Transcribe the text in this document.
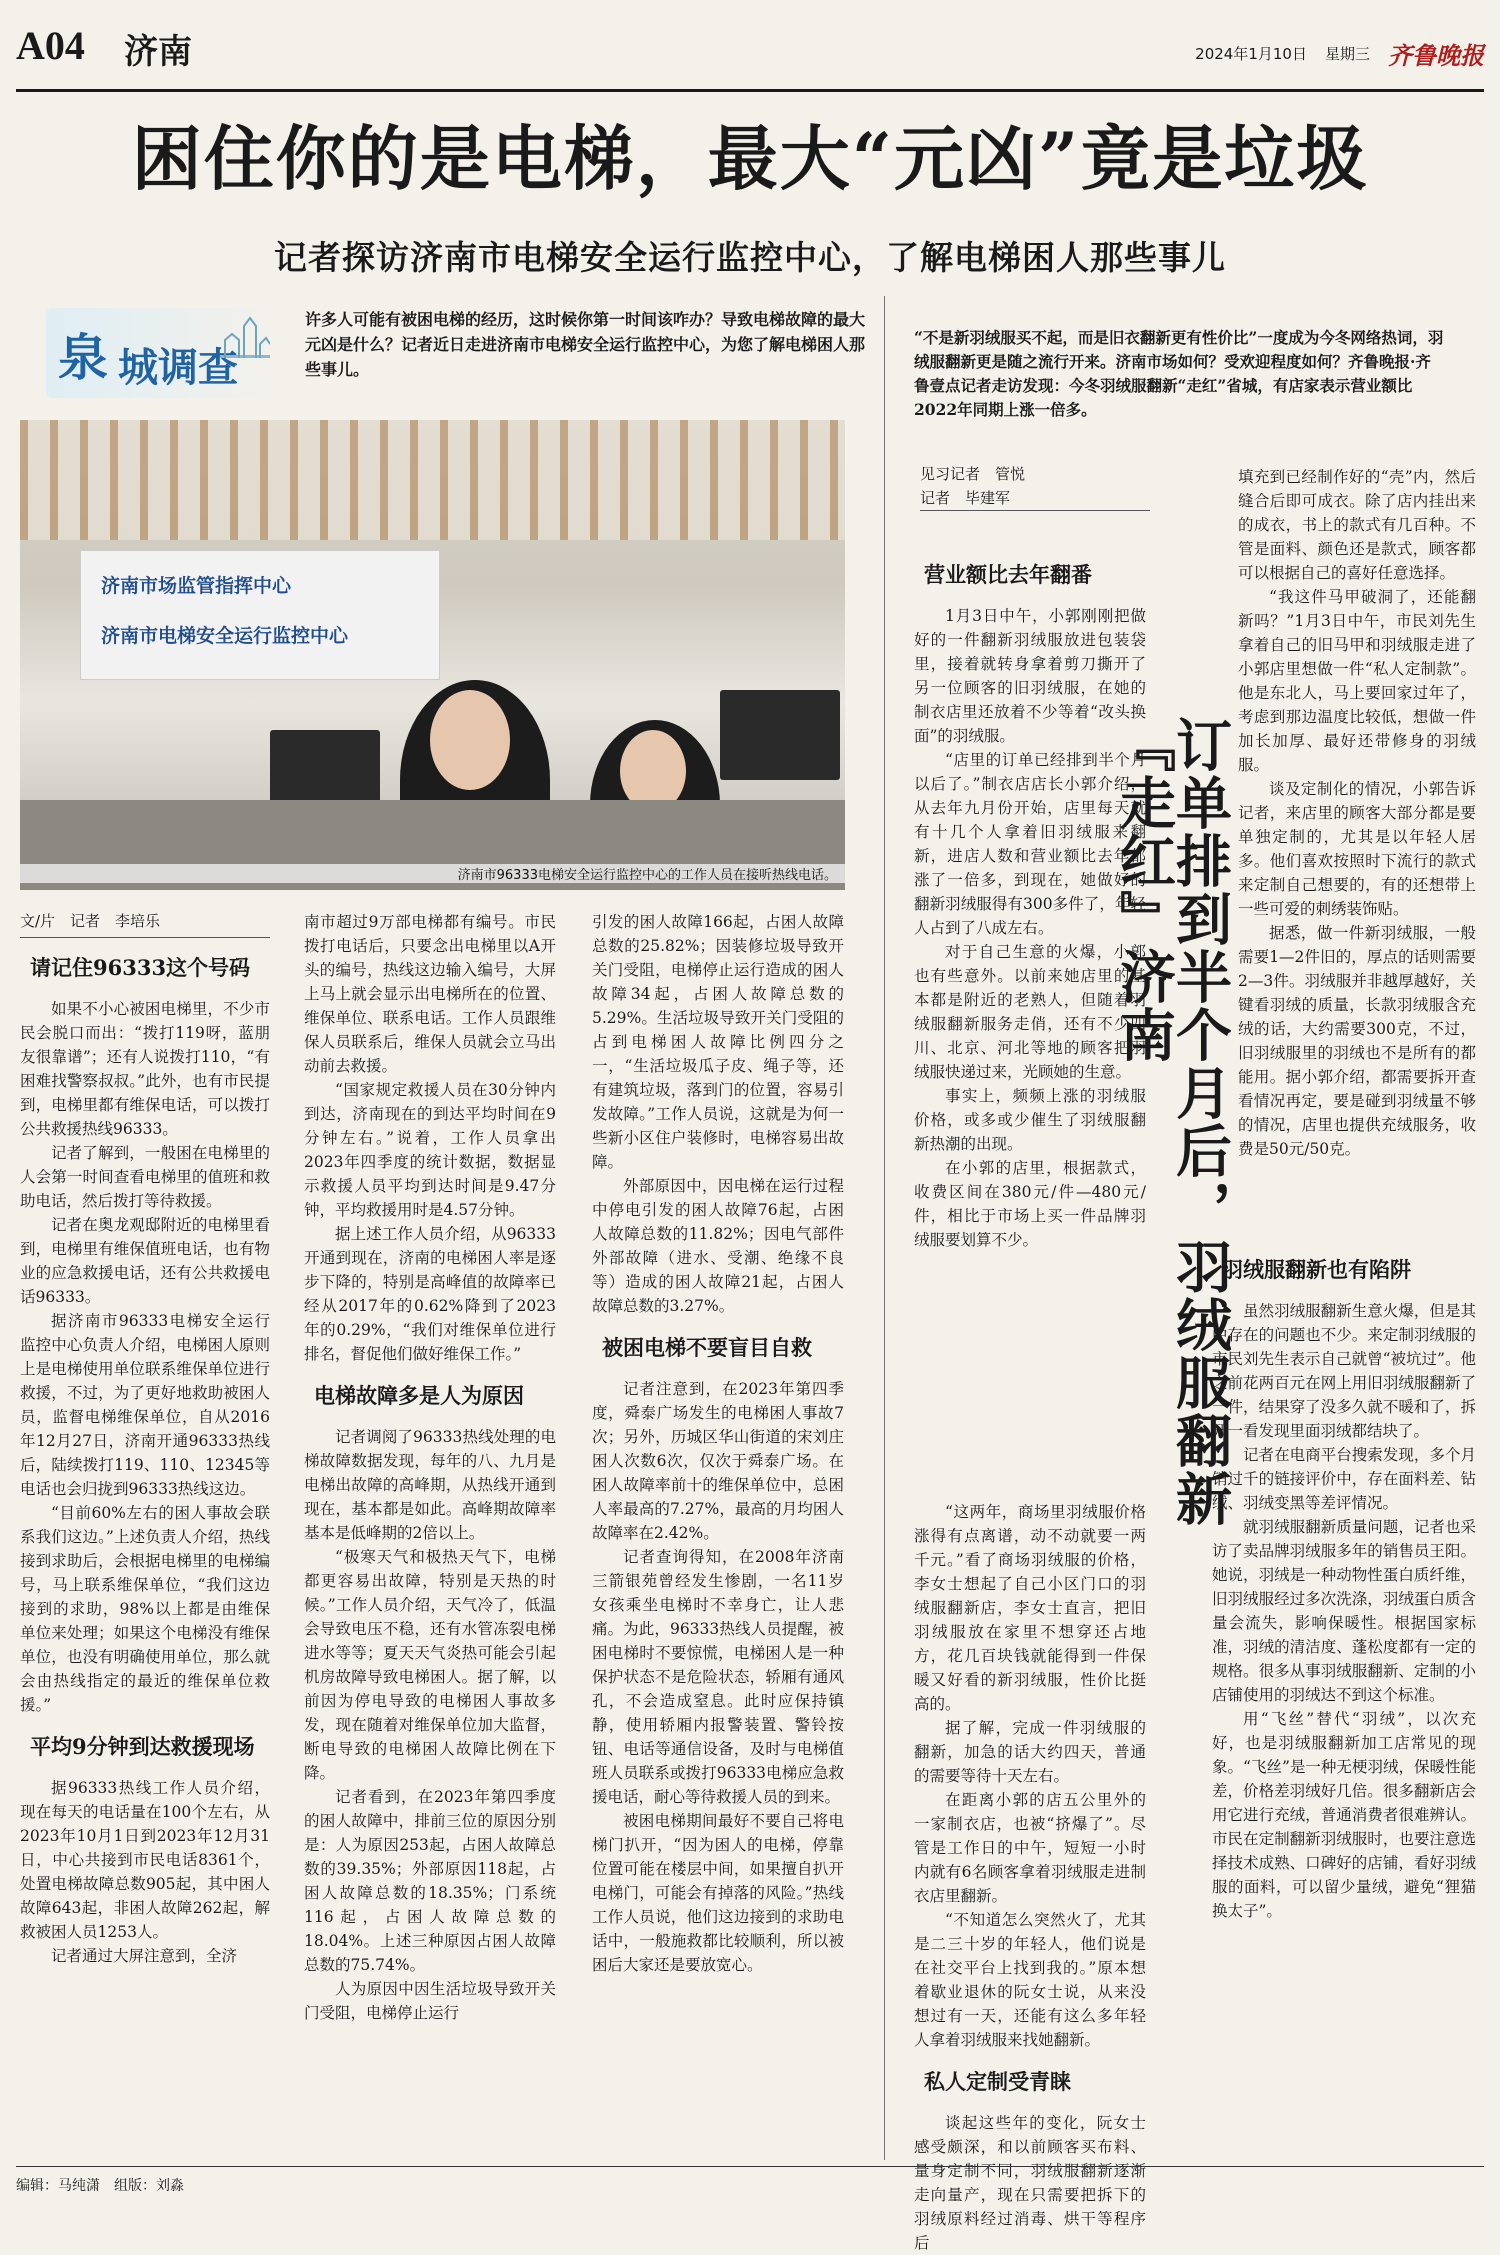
A04 济南	2024年1月10日 星期三 齐鲁晚报
困住你的是电梯，最大“元凶”竟是垃圾
记者探访济南市电梯安全运行监控中心，了解电梯困人那些事儿
泉 城调查
许多人可能有被困电梯的经历，这时候你第一时间该咋办？导致电梯故障的最大元凶是什么？记者近日走进济南市电梯安全运行监控中心，为您了解电梯困人那些事儿。
济南市场监管指挥中心
济南市电梯安全运行监控中心
济南市96333电梯安全运行监控中心的工作人员在接听热线电话。
文/片　记者　李培乐
请记住96333这个号码

如果不小心被困电梯里，不少市民会脱口而出：“拨打119呀，蓝朋友很靠谱”；还有人说拨打110，“有困难找警察叔叔。”此外，也有市民提到，电梯里都有维保电话，可以拨打公共救援热线96333。

记者了解到，一般困在电梯里的人会第一时间查看电梯里的值班和救助电话，然后拨打等待救援。

记者在奥龙观邸附近的电梯里看到，电梯里有维保值班电话，也有物业的应急救援电话，还有公共救援电话96333。

据济南市96333电梯安全运行监控中心负责人介绍，电梯困人原则上是电梯使用单位联系维保单位进行救援，不过，为了更好地救助被困人员，监督电梯维保单位，自从2016年12月27日，济南开通96333热线后，陆续拨打119、110、12345等电话也会归拢到96333热线这边。

“目前60%左右的困人事故会联系我们这边。”上述负责人介绍，热线接到求助后，会根据电梯里的电梯编号，马上联系维保单位，“我们这边接到的求助，98%以上都是由维保单位来处理；如果这个电梯没有维保单位，也没有明确使用单位，那么就会由热线指定的最近的维保单位救援。”

平均9分钟到达救援现场

据96333热线工作人员介绍，现在每天的电话量在100个左右，从2023年10月1日到2023年12月31日，中心共接到市民电话8361个，处置电梯故障总数905起，其中困人故障643起，非困人故障262起，解救被困人员1253人。

记者通过大屏注意到，全济

南市超过9万部电梯都有编号。市民拨打电话后，只要念出电梯里以A开头的编号，热线这边输入编号，大屏上马上就会显示出电梯所在的位置、维保单位、联系电话。工作人员跟维保人员联系后，维保人员就会立马出动前去救援。

“国家规定救援人员在30分钟内到达，济南现在的到达平均时间在9分钟左右。”说着，工作人员拿出2023年四季度的统计数据，数据显示救援人员平均到达时间是9.47分钟，平均救援用时是4.57分钟。

据上述工作人员介绍，从96333开通到现在，济南的电梯困人率是逐步下降的，特别是高峰值的故障率已经从2017年的0.62%降到了2023年的0.29%，“我们对维保单位进行排名，督促他们做好维保工作。”

电梯故障多是人为原因

记者调阅了96333热线处理的电梯故障数据发现，每年的八、九月是电梯出故障的高峰期，从热线开通到现在，基本都是如此。高峰期故障率基本是低峰期的2倍以上。

“极寒天气和极热天气下，电梯都更容易出故障，特别是天热的时候。”工作人员介绍，天气冷了，低温会导致电压不稳，还有水管冻裂电梯进水等等；夏天天气炎热可能会引起机房故障导致电梯困人。据了解，以前因为停电导致的电梯困人事故多发，现在随着对维保单位加大监督，断电导致的电梯困人故障比例在下降。

记者看到，在2023年第四季度的困人故障中，排前三位的原因分别是：人为原因253起，占困人故障总数的39.35%；外部原因118起，占困人故障总数的18.35%；门系统116起，占困人故障总数的18.04%。上述三种原因占困人故障总数的75.74%。

人为原因中因生活垃圾导致开关门受阻，电梯停止运行

引发的困人故障166起，占困人故障总数的25.82%；因装修垃圾导致开关门受阻，电梯停止运行造成的困人故障34起，占困人故障总数的5.29%。生活垃圾导致开关门受阻的占到电梯困人故障比例四分之一，“生活垃圾瓜子皮、绳子等，还有建筑垃圾，落到门的位置，容易引发故障。”工作人员说，这就是为何一些新小区住户装修时，电梯容易出故障。

外部原因中，因电梯在运行过程中停电引发的困人故障76起，占困人故障总数的11.82%；因电气部件外部故障（进水、受潮、绝缘不良等）造成的困人故障21起，占困人故障总数的3.27%。

被困电梯不要盲目自救

记者注意到，在2023年第四季度，舜泰广场发生的电梯困人事故7次；另外，历城区华山街道的宋刘庄困人次数6次，仅次于舜泰广场。在困人故障率前十的维保单位中，总困人率最高的7.27%，最高的月均困人故障率在2.42%。

记者查询得知，在2008年济南三箭银苑曾经发生惨剧，一名11岁女孩乘坐电梯时不幸身亡，让人悲痛。为此，96333热线人员提醒，被困电梯时不要惊慌，电梯困人是一种保护状态不是危险状态，轿厢有通风孔，不会造成窒息。此时应保持镇静，使用轿厢内报警装置、警铃按钮、电话等通信设备，及时与电梯值班人员联系或拨打96333电梯应急救援电话，耐心等待救援人员的到来。

被困电梯期间最好不要自己将电梯门扒开，“因为困人的电梯，停靠位置可能在楼层中间，如果擅自扒开电梯门，可能会有掉落的风险。”热线工作人员说，他们这边接到的求助电话中，一般施救都比较顺利，所以被困后大家还是要放宽心。

“不是新羽绒服买不起，而是旧衣翻新更有性价比”一度成为今冬网络热词，羽绒服翻新更是随之流行开来。济南市场如何？受欢迎程度如何？齐鲁晚报·齐鲁壹点记者走访发现：今冬羽绒服翻新“走红”省城，有店家表示营业额比2022年同期上涨一倍多。
见习记者　管悦
记者　毕建军
订单排到半个月后，羽绒服翻新『走红』济南
营业额比去年翻番

1月3日中午，小郭刚刚把做好的一件翻新羽绒服放进包装袋里，接着就转身拿着剪刀撕开了另一位顾客的旧羽绒服，在她的制衣店里还放着不少等着“改头换面”的羽绒服。

“店里的订单已经排到半个月以后了。”制衣店店长小郭介绍，从去年九月份开始，店里每天就有十几个人拿着旧羽绒服来翻新，进店人数和营业额比去年都涨了一倍多，到现在，她做好的翻新羽绒服得有300多件了，年轻人占到了八成左右。

对于自己生意的火爆，小郭也有些意外。以前来她店里的基本都是附近的老熟人，但随着羽绒服翻新服务走俏，还有不少四川、北京、河北等地的顾客把羽绒服快递过来，光顾她的生意。

事实上，频频上涨的羽绒服价格，或多或少催生了羽绒服翻新热潮的出现。

在小郭的店里，根据款式，收费区间在380元/件—480元/件，相比于市场上买一件品牌羽绒服要划算不少。

“这两年，商场里羽绒服价格涨得有点离谱，动不动就要一两千元。”看了商场羽绒服的价格，李女士想起了自己小区门口的羽绒服翻新店，李女士直言，把旧羽绒服放在家里不想穿还占地方，花几百块钱就能得到一件保暖又好看的新羽绒服，性价比挺高的。

据了解，完成一件羽绒服的翻新，加急的话大约四天，普通的需要等待十天左右。

在距离小郭的店五公里外的一家制衣店，也被“挤爆了”。尽管是工作日的中午，短短一小时内就有6名顾客拿着羽绒服走进制衣店里翻新。

“不知道怎么突然火了，尤其是二三十岁的年轻人，他们说是在社交平台上找到我的。”原本想着歇业退休的阮女士说，从来没想过有一天，还能有这么多年轻人拿着羽绒服来找她翻新。

私人定制受青睐

谈起这些年的变化，阮女士感受颇深，和以前顾客买布料、量身定制不同，羽绒服翻新逐渐走向量产，现在只需要把拆下的羽绒原料经过消毒、烘干等程序后

填充到已经制作好的“壳”内，然后缝合后即可成衣。除了店内挂出来的成衣，书上的款式有几百种。不管是面料、颜色还是款式，顾客都可以根据自己的喜好任意选择。

“我这件马甲破洞了，还能翻新吗？”1月3日中午，市民刘先生拿着自己的旧马甲和羽绒服走进了小郭店里想做一件“私人定制款”。他是东北人，马上要回家过年了，考虑到那边温度比较低，想做一件加长加厚、最好还带修身的羽绒服。

谈及定制化的情况，小郭告诉记者，来店里的顾客大部分都是要单独定制的，尤其是以年轻人居多。他们喜欢按照时下流行的款式来定制自己想要的，有的还想带上一些可爱的刺绣装饰贴。

据悉，做一件新羽绒服，一般需要1—2件旧的，厚点的话则需要2—3件。羽绒服并非越厚越好，关键看羽绒的质量，长款羽绒服含充绒的话，大约需要300克，不过，旧羽绒服里的羽绒也不是所有的都能用。据小郭介绍，都需要拆开查看情况再定，要是碰到羽绒量不够的情况，店里也提供充绒服务，收费是50元/50克。

羽绒服翻新也有陷阱

虽然羽绒服翻新生意火爆，但是其中存在的问题也不少。来定制羽绒服的市民刘先生表示自己就曾“被坑过”。他之前花两百元在网上用旧羽绒服翻新了一件，结果穿了没多久就不暖和了，拆开一看发现里面羽绒都结块了。

记者在电商平台搜索发现，多个月销过千的链接评价中，存在面料差、钻绒、羽绒变黑等差评情况。

就羽绒服翻新质量问题，记者也采访了卖品牌羽绒服多年的销售员王阳。她说，羽绒是一种动物性蛋白质纤维，旧羽绒服经过多次洗涤，羽绒蛋白质含量会流失，影响保暖性。根据国家标准，羽绒的清洁度、蓬松度都有一定的规格。很多从事羽绒服翻新、定制的小店铺使用的羽绒达不到这个标准。

用“飞丝”替代“羽绒”，以次充好，也是羽绒服翻新加工店常见的现象。“飞丝”是一种无梗羽绒，保暖性能差，价格差羽绒好几倍。很多翻新店会用它进行充绒，普通消费者很难辨认。市民在定制翻新羽绒服时，也要注意选择技术成熟、口碑好的店铺，看好羽绒服的面料，可以留少量绒，避免“狸猫换太子”。

编辑：马纯潇　组版：刘淼
